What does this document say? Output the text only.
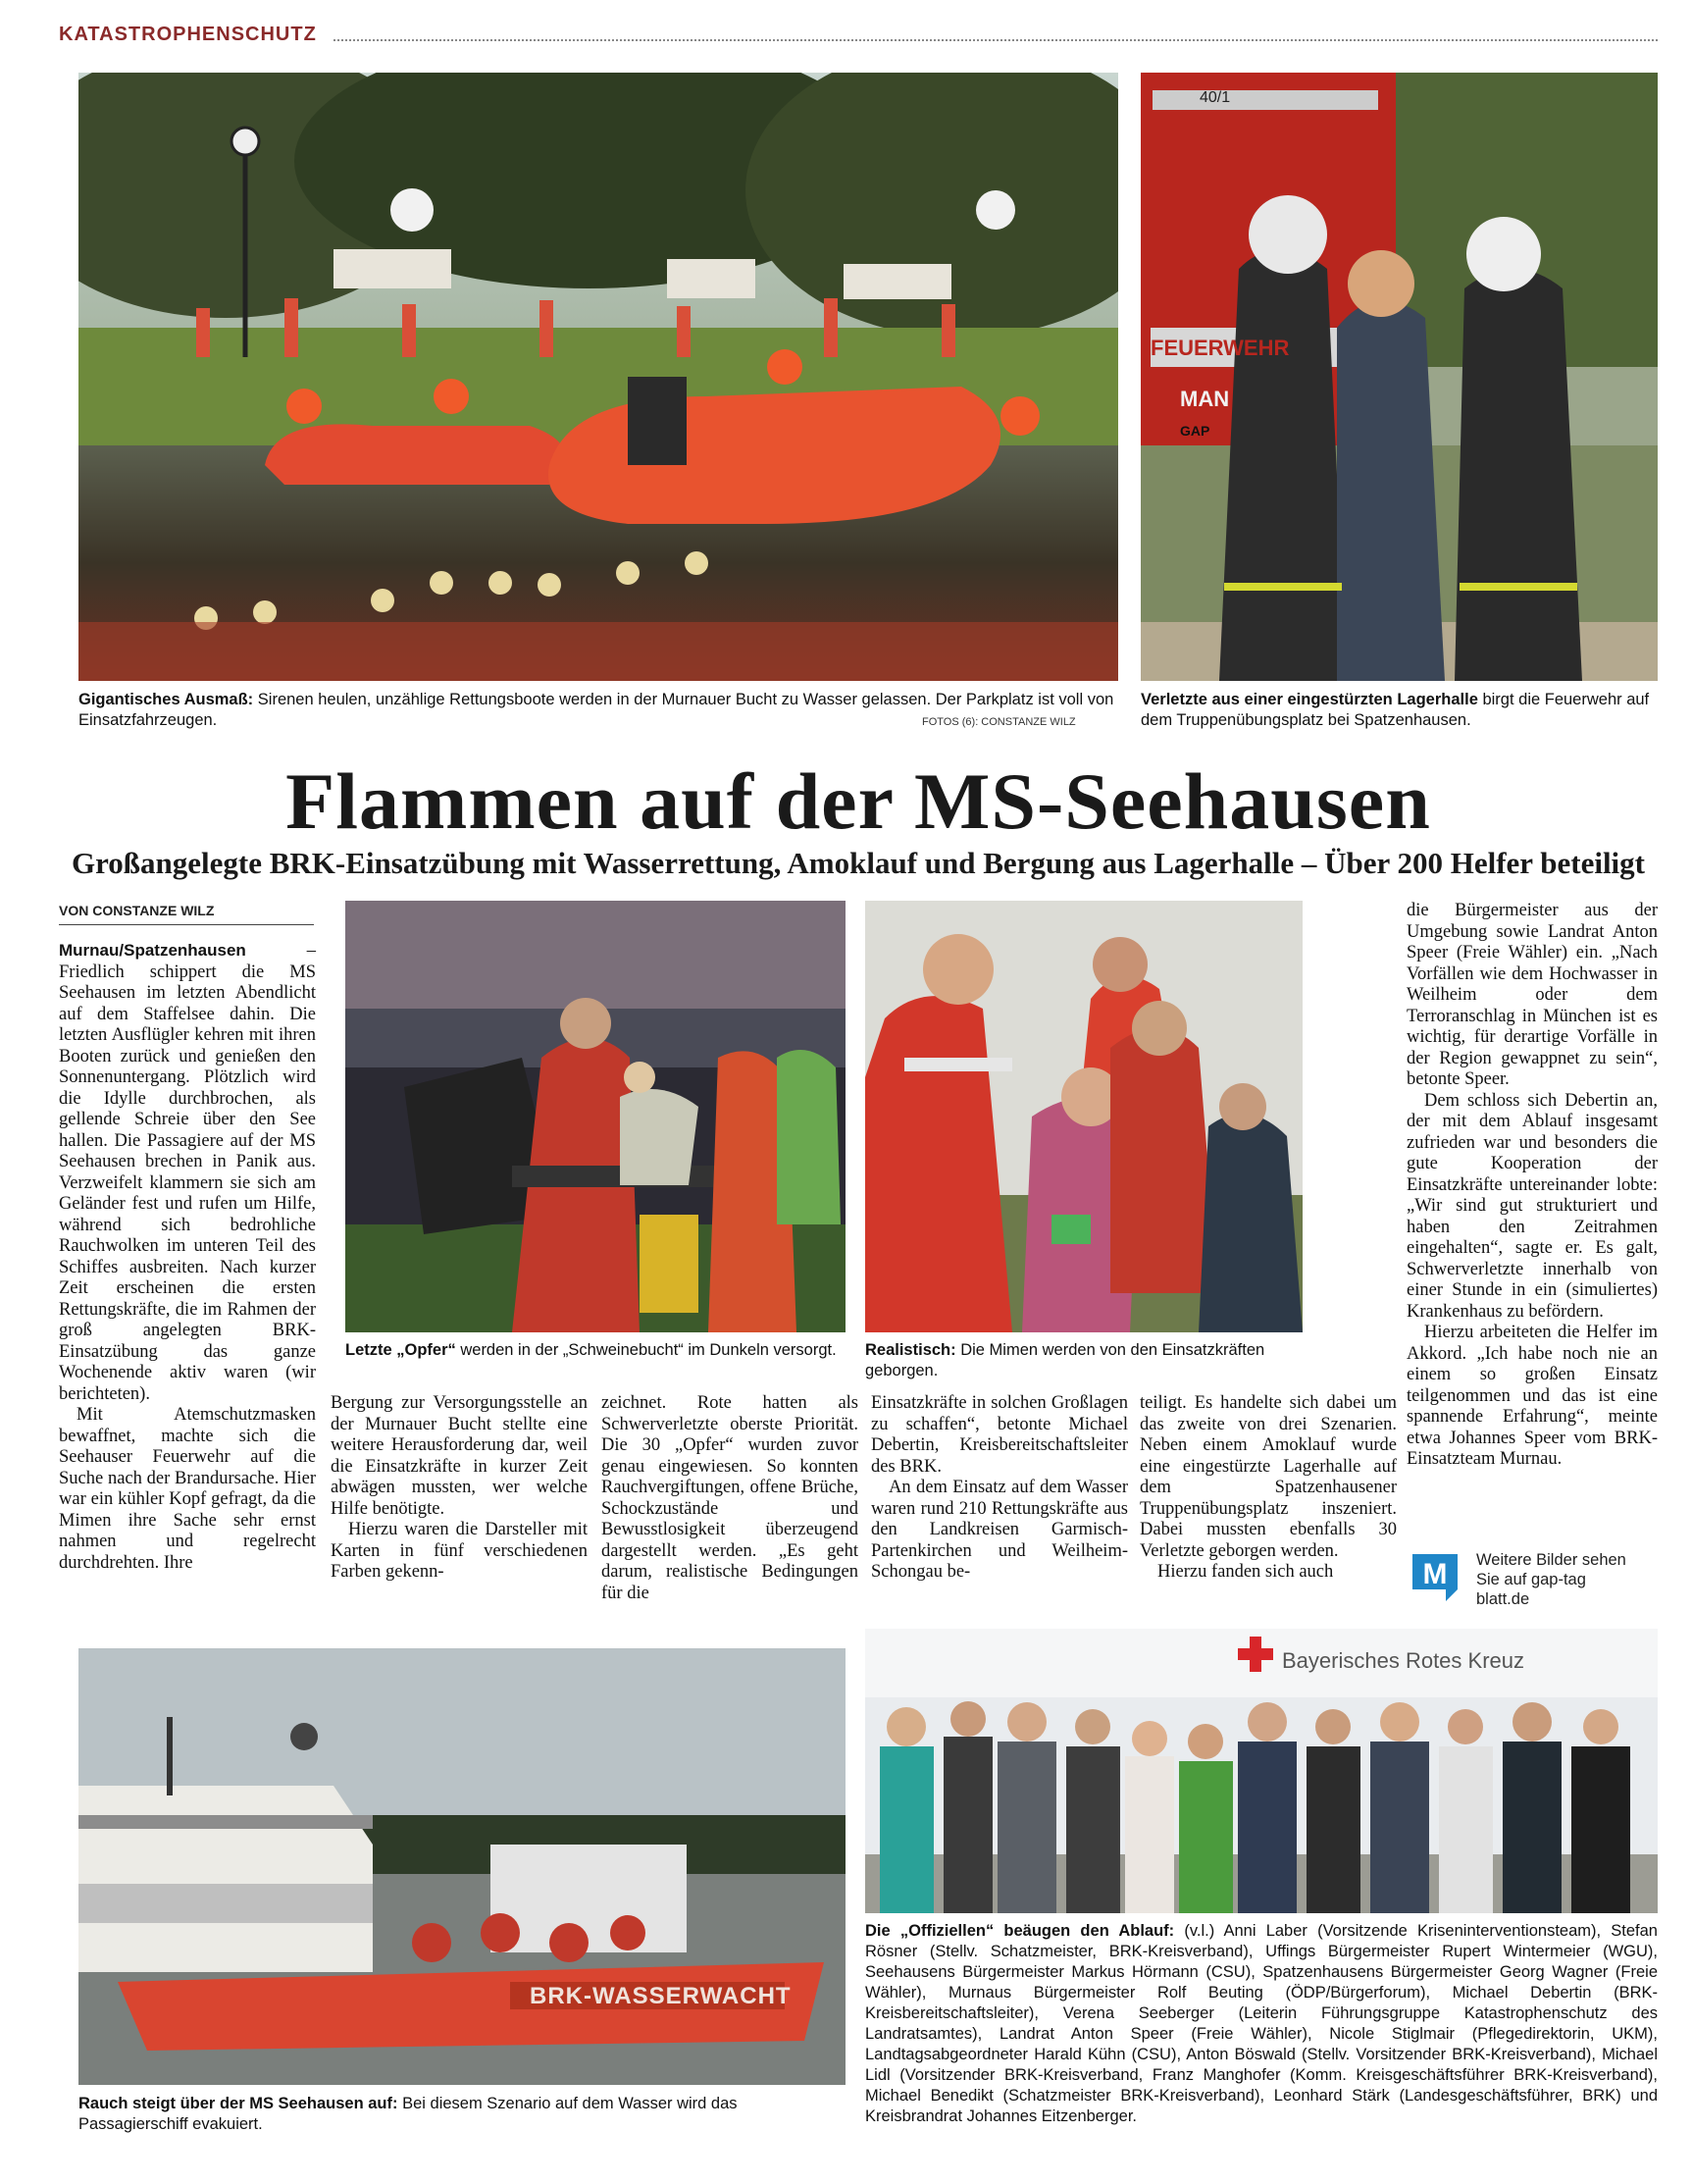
KATASTROPHENSCHUTZ
40/1
FEUERWEHR
MAN
GAP
Gigantisches Ausmaß: Sirenen heulen, unzählige Rettungsboote werden in der Murnauer Bucht zu Wasser gelassen. Der Parkplatz ist voll von Einsatzfahrzeugen.	FOTOS (6): CONSTANZE WILZ
Verletzte aus einer eingestürzten Lagerhalle birgt die Feuerwehr auf dem Truppenübungsplatz bei Spatzenhausen.
Flammen auf der MS-Seehausen
Großangelegte BRK-Einsatzübung mit Wasserrettung, Amoklauf und Bergung aus Lagerhalle – Über 200 Helfer beteiligt
VON CONSTANZE WILZ

Murnau/Spatzenhausen – Friedlich schippert die MS Seehausen im letzten Abendlicht auf dem Staffelsee dahin. Die letzten Ausflügler kehren mit ihren Booten zurück und genießen den Sonnenuntergang. Plötzlich wird die Idylle durchbrochen, als gellende Schreie über den See hallen. Die Passagiere auf der MS Seehausen brechen in Panik aus. Verzweifelt klammern sie sich am Geländer fest und rufen um Hilfe, während sich bedrohliche Rauchwolken im unteren Teil des Schiffes ausbreiten. Nach kurzer Zeit erscheinen die ersten Rettungskräfte, die im Rahmen der groß angelegten BRK-Einsatzübung das ganze Wochenende aktiv waren (wir berichteten).

Mit Atemschutzmasken bewaffnet, machte sich die Seehauser Feuerwehr auf die Suche nach der Brandursache. Hier war ein kühler Kopf gefragt, da die Mimen ihre Sache sehr ernst nahmen und regelrecht durchdrehten. Ihre

Letzte „Opfer“ werden in der „Schweinebucht“ im Dunkeln versorgt.	Realistisch: Die Mimen werden von den Einsatzkräften geborgen.

die Bürgermeister aus der Umgebung sowie Landrat Anton Speer (Freie Wähler) ein. „Nach Vorfällen wie dem Hochwasser in Weilheim oder dem Terroranschlag in München ist es wichtig, für derartige Vorfälle in der Region gewappnet zu sein“, betonte Speer.

Dem schloss sich Debertin an, der mit dem Ablauf insgesamt zufrieden war und besonders die gute Kooperation der Einsatzkräfte untereinander lobte: „Wir sind gut strukturiert und haben den Zeitrahmen eingehalten“, sagte er. Es galt, Schwerverletzte innerhalb von einer Stunde in ein (simuliertes) Krankenhaus zu befördern.

Hierzu arbeiteten die Helfer im Akkord. „Ich habe noch nie an einem so großen Einsatz teilgenommen und das ist eine spannende Erfahrung“, meinte etwa Johannes Speer vom BRK- Einsatzteam Murnau.

Bergung zur Versorgungsstelle an der Murnauer Bucht stellte eine weitere Herausforderung dar, weil die Einsatzkräfte in kurzer Zeit abwägen mussten, wer welche Hilfe benötigte.

Hierzu waren die Darsteller mit Karten in fünf verschiedenen Farben gekenn-

zeichnet. Rote hatten als Schwerverletzte oberste Priorität. Die 30 „Opfer“ wurden zuvor genau eingewiesen. So konnten Rauchvergiftungen, offene Brüche, Schockzustände und Bewusstlosigkeit überzeugend dargestellt werden. „Es geht darum, realistische Bedingungen für die

Einsatzkräfte in solchen Großlagen zu schaffen“, betonte Michael Debertin, Kreisbereitschaftsleiter des BRK.

An dem Einsatz auf dem Wasser waren rund 210 Rettungskräfte aus den Landkreisen Garmisch-Partenkirchen und Weilheim-Schongau be-

teiligt. Es handelte sich dabei um das zweite von drei Szenarien. Neben einem Amoklauf wurde eine eingestürzte Lagerhalle auf dem Spatzenhausener Truppenübungsplatz inszeniert. Dabei mussten ebenfalls 30 Verletzte geborgen werden.

Hierzu fanden sich auch	M Weitere Bilder sehen
Sie auf gap-tag
blatt.de
BRK-WASSERWACHT
Rauch steigt über der MS Seehausen auf: Bei diesem Szenario auf dem Wasser wird das Passagierschiff evakuiert.
Bayerisches Rotes Kreuz
Die „Offiziellen“ beäugen den Ablauf: (v.l.) Anni Laber (Vorsitzende Kriseninterventionsteam), Stefan Rösner (Stellv. Schatzmeister, BRK-Kreisverband), Uffings Bürgermeister Rupert Wintermeier (WGU), Seehausens Bürgermeister Markus Hörmann (CSU), Spatzenhausens Bürgermeister Georg Wagner (Freie Wähler), Murnaus Bürgermeister Rolf Beuting (ÖDP/Bürgerforum), Michael Debertin (BRK-Kreisbereitschaftsleiter), Verena Seeberger (Leiterin Führungsgruppe Katastrophenschutz des Landratsamtes), Landrat Anton Speer (Freie Wähler), Nicole Stiglmair (Pflegedirektorin, UKM), Landtagsabgeordneter Harald Kühn (CSU), Anton Böswald (Stellv. Vorsitzender BRK-Kreisverband), Michael Lidl (Vorsitzender BRK-Kreisverband, Franz Manghofer (Komm. Kreisgeschäftsführer BRK-Kreisverband), Michael Benedikt (Schatzmeister BRK-Kreisverband), Leonhard Stärk (Landesgeschäftsführer, BRK) und Kreisbrandrat Johannes Eitzenberger.
